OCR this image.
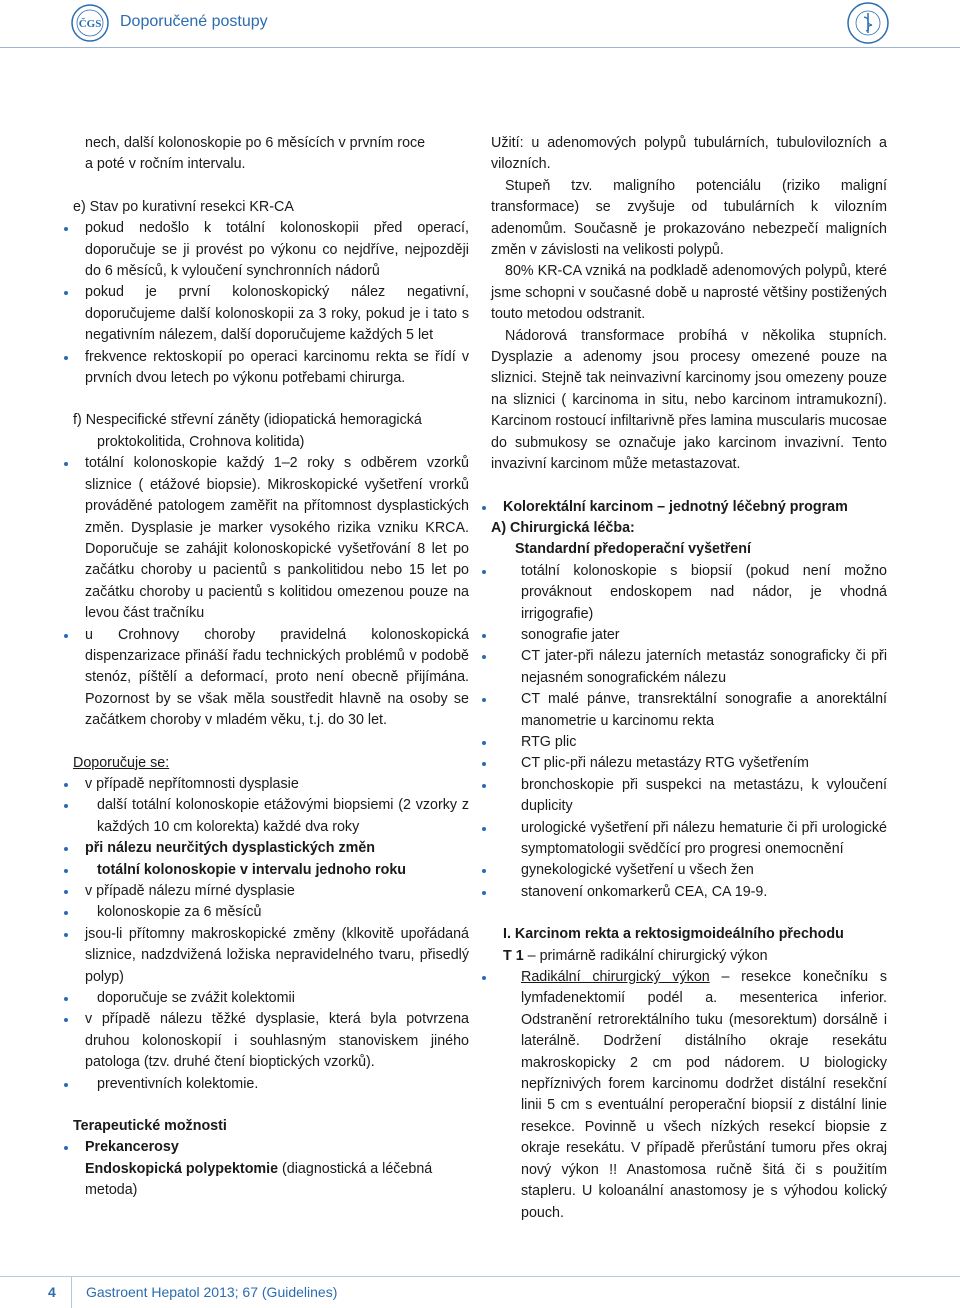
ČGS Doporučené postupy

nech, další kolonoskopie po 6 měsících v prvním roce

a poté v ročním intervalu.

e) Stav po kurativní resekci KR-CA

pokud nedošlo k totální kolonoskopii před operací, doporučuje se ji provést po výkonu co nejdříve, nejpozději do 6 měsíců, k vyloučení synchronních nádorů

pokud je první kolonoskopický nález negativní, doporučujeme další kolonoskopii za 3 roky, pokud je i tato s negativním nálezem, další doporučujeme každých 5 let

frekvence rektoskopií po operaci karcinomu rekta se řídí v prvních dvou letech po výkonu potřebami chirurga.

f) Nespecifické střevní záněty (idiopatická hemoragická

proktokolitida, Crohnova kolitida)

totální kolonoskopie každý 1–2 roky s odběrem vzorků sliznice ( etážové biopsie). Mikroskopické vyšetření vrorků prováděné patologem zaměřit na přítomnost dysplastických změn. Dysplasie je marker vysokého rizika vzniku KRCA. Doporučuje se zahájit kolonoskopické vyšetřování 8 let po začátku choroby u pacientů s pankolitidou nebo 15 let po začátku choroby u pacientů s kolitidou omezenou pouze na levou část tračníku

u Crohnovy choroby pravidelná kolonoskopická dispenzarizace přináší řadu technických problémů v podobě stenóz, píštělí a deformací, proto není obecně přijímána. Pozornost by se však měla soustředit hlavně na osoby se začátkem choroby v mladém věku, t.j. do 30 let.

Doporučuje se:

v případě nepřítomnosti dysplasie

další totální kolonoskopie etážovými biopsiemi (2 vzorky z každých 10 cm kolorekta) každé dva roky

při nálezu neurčitých dysplastických změn

totální kolonoskopie v intervalu jednoho roku

v případě nálezu mírné dysplasie

kolonoskopie za 6 měsíců

jsou-li přítomny makroskopické změny (klkovitě upořádaná sliznice, nadzdvižená ložiska nepravidelného tvaru, přisedlý polyp)

doporučuje se zvážit kolektomii

v případě nálezu těžké dysplasie, která byla potvrzena druhou kolonoskopií i souhlasným stanoviskem jiného patologa (tzv. druhé čtení bioptických vzorků).

preventivních kolektomie.

Terapeutické možnosti

Prekancerosy

Endoskopická polypektomie (diagnostická a léčebná

metoda)

Užití: u adenomových polypů tubulárních, tubulovilozních a vilozních.

Stupeň tzv. maligního potenciálu (riziko maligní transformace) se zvyšuje od tubulárních k vilozním adenomům. Současně je prokazováno nebezpečí maligních změn v závislosti na velikosti polypů.

80% KR-CA vzniká na podkladě adenomových polypů, které jsme schopni v současné době u naprosté většiny postižených touto metodou odstranit.

Nádorová transformace probíhá v několika stupních. Dysplazie a adenomy jsou procesy omezené pouze na sliznici. Stejně tak neinvazivní karcinomy jsou omezeny pouze na sliznici ( karcinoma in situ, nebo karcinom intramukozní). Karcinom rostoucí infiltarivně přes lamina muscularis mucosae do submukosy se označuje jako karcinom invazivní. Tento invazivní karcinom může metastazovat.

Kolorektální karcinom – jednotný léčebný program

A) Chirurgická léčba:

Standardní předoperační vyšetření

totální kolonoskopie s biopsií (pokud není možno prováknout endoskopem nad nádor, je vhodná irrigografie)

sonografie jater

CT jater-při nálezu jaterních metastáz sonograficky či při nejasném sonografickém nálezu

CT malé pánve, transrektální sonografie a anorektální manometrie u karcinomu rekta

RTG plic

CT plic-při nálezu metastázy RTG vyšetřením

bronchoskopie při suspekci na metastázu, k vyloučení duplicity

urologické vyšetření při nálezu hematurie či při urologické symptomatologii svědčící pro progresi onemocnění

gynekologické vyšetření u všech žen

stanovení onkomarkerů CEA, CA 19-9.

I. Karcinom rekta a rektosigmoideálního přechodu

T 1 – primárně radikální chirurgický výkon

Radikální chirurgický výkon – resekce konečníku s lymfadenektomií podél a. mesenterica inferior. Odstranění retrorektálního tuku (mesorektum) dorsálně i laterálně. Dodržení distálního okraje resekátu makroskopicky 2 cm pod nádorem. U biologicky nepříznivých forem karcinomu dodržet distální resekční linii 5 cm s eventuální peroperační biopsií z distální linie resekce. Povinně u všech nízkých resekcí biopsie z okraje resekátu. V případě přerůstání tumoru přes okraj nový výkon !! Anastomosa ručně šitá či s použitím stapleru. U koloanální anastomosy je s výhodou kolický pouch.

4 Gastroent Hepatol 2013; 67 (Guidelines)
